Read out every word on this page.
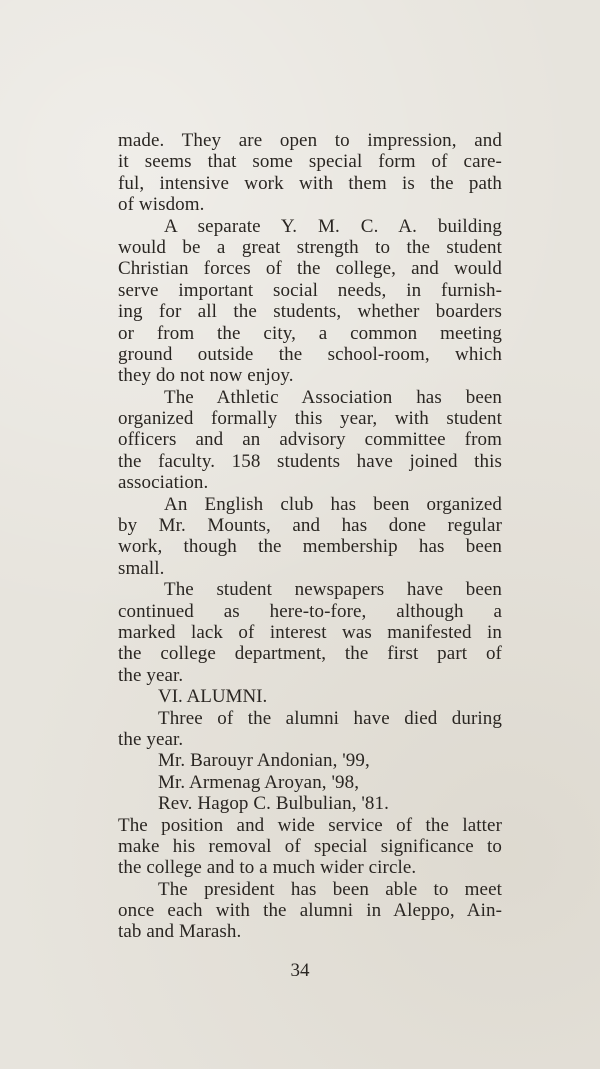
made. They are open to impression, and
it seems that some special form of care-
ful, intensive work with them is the path
of wisdom.
A separate Y. M. C. A. building
would be a great strength to the student
Christian forces of the college, and would
serve important social needs, in furnish-
ing for all the students, whether boarders
or from the city, a common meeting
ground outside the school-room, which
they do not now enjoy.
The Athletic Association has been
organized formally this year, with student
officers and an advisory committee from
the faculty. 158 students have joined this
association.
An English club has been organized
by Mr. Mounts, and has done regular
work, though the membership has been
small.
The student newspapers have been
continued as here-to-fore, although a
marked lack of interest was manifested in
the college department, the first part of
the year.
VI. ALUMNI.
Three of the alumni have died during
the year.
Mr. Barouyr Andonian, '99,
Mr. Armenag Aroyan, '98,
Rev. Hagop C. Bulbulian, '81.
The position and wide service of the latter
make his removal of special significance to
the college and to a much wider circle.
The president has been able to meet
once each with the alumni in Aleppo, Ain-
tab and Marash.
34
